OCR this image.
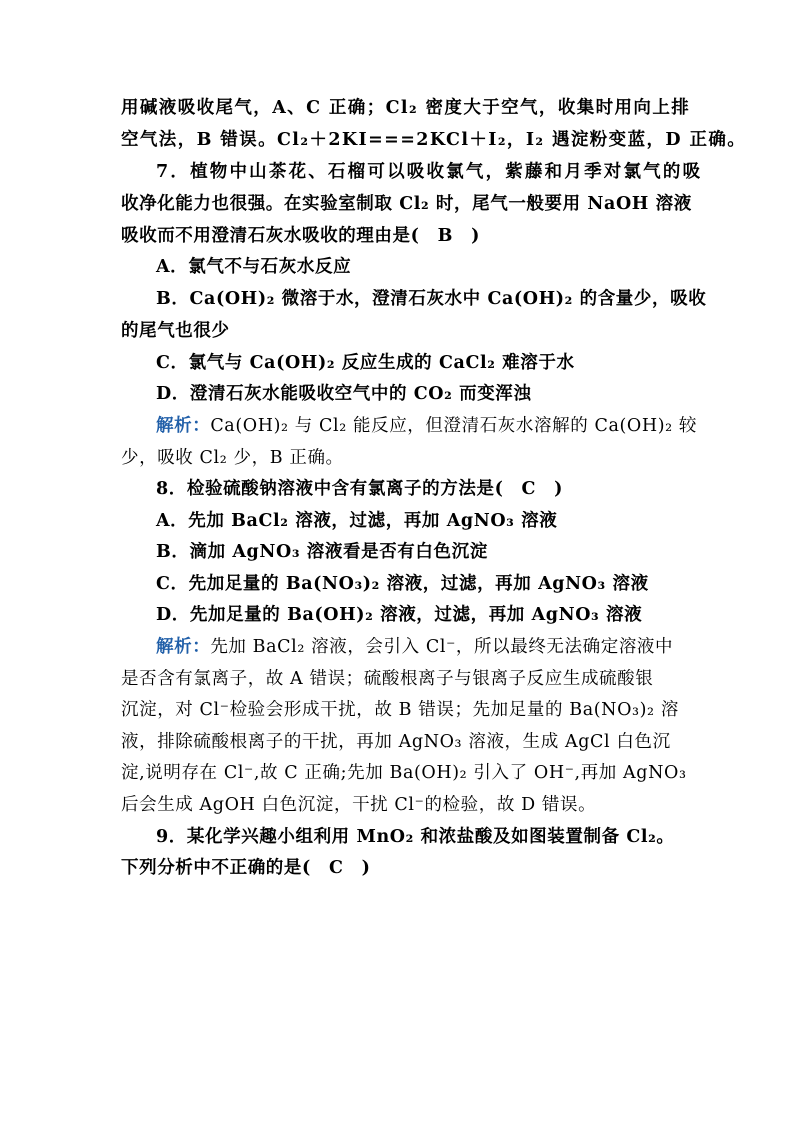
用碱液吸收尾气，A、C 正确；Cl₂ 密度大于空气，收集时用向上排
空气法，B 错误。Cl₂＋2KI===2KCl＋I₂，I₂ 遇淀粉变蓝，D 正确。
7．植物中山茶花、石榴可以吸收氯气，紫藤和月季对氯气的吸
收净化能力也很强。在实验室制取 Cl₂ 时，尾气一般要用 NaOH 溶液
吸收而不用澄清石灰水吸收的理由是(　B　)
A．氯气不与石灰水反应
B．Ca(OH)₂ 微溶于水，澄清石灰水中 Ca(OH)₂ 的含量少，吸收
的尾气也很少
C．氯气与 Ca(OH)₂ 反应生成的 CaCl₂ 难溶于水
D．澄清石灰水能吸收空气中的 CO₂ 而变浑浊
解析：Ca(OH)₂ 与 Cl₂ 能反应，但澄清石灰水溶解的 Ca(OH)₂ 较
少，吸收 Cl₂ 少，B 正确。
8．检验硫酸钠溶液中含有氯离子的方法是(　C　)
A．先加 BaCl₂ 溶液，过滤，再加 AgNO₃ 溶液
B．滴加 AgNO₃ 溶液看是否有白色沉淀
C．先加足量的 Ba(NO₃)₂ 溶液，过滤，再加 AgNO₃ 溶液
D．先加足量的 Ba(OH)₂ 溶液，过滤，再加 AgNO₃ 溶液
解析：先加 BaCl₂ 溶液，会引入 Cl⁻，所以最终无法确定溶液中
是否含有氯离子，故 A 错误；硫酸根离子与银离子反应生成硫酸银
沉淀，对 Cl⁻检验会形成干扰，故 B 错误；先加足量的 Ba(NO₃)₂ 溶
液，排除硫酸根离子的干扰，再加 AgNO₃ 溶液，生成 AgCl 白色沉
淀,说明存在 Cl⁻,故 C 正确;先加 Ba(OH)₂ 引入了 OH⁻,再加 AgNO₃
后会生成 AgOH 白色沉淀，干扰 Cl⁻的检验，故 D 错误。
9．某化学兴趣小组利用 MnO₂ 和浓盐酸及如图装置制备 Cl₂。
下列分析中不正确的是(　C　)
